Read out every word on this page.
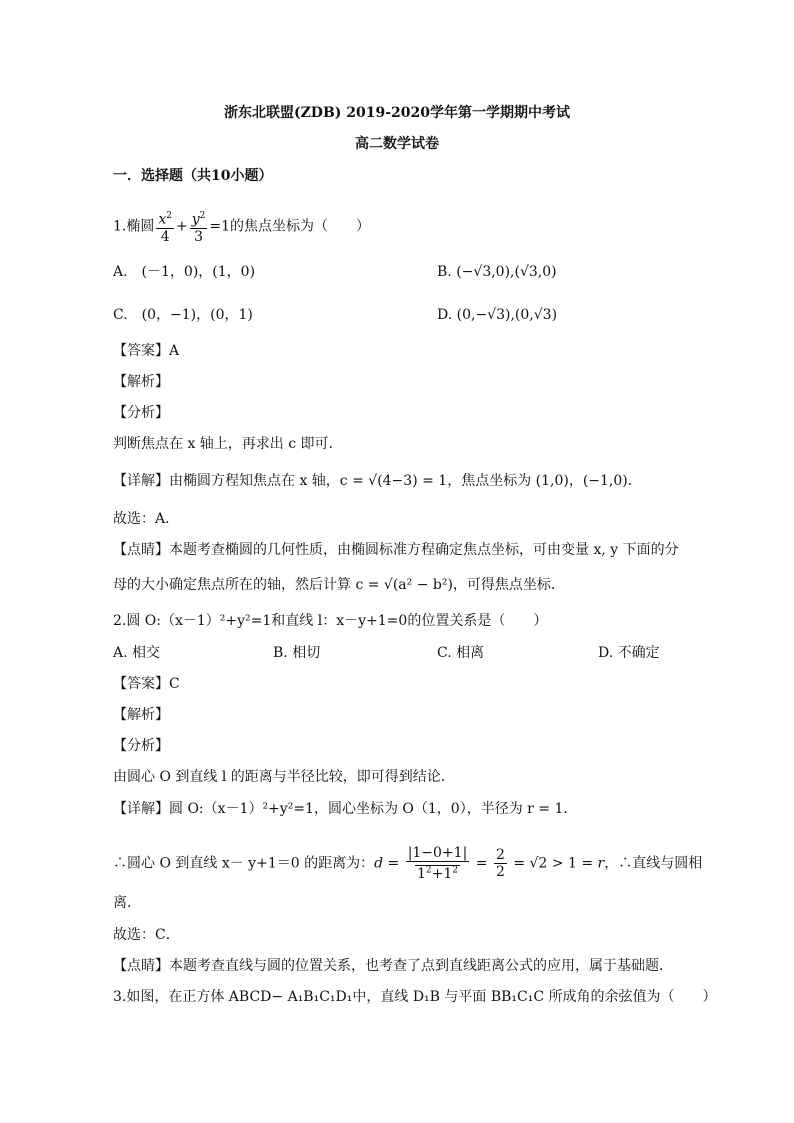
浙东北联盟(ZDB) 2019-2020学年第一学期期中考试
高二数学试卷
一．选择题（共10小题）
1.椭圆 $\frac{x^2}{4} + \frac{y^2}{3} =1$的焦点坐标为（　　）
A.　(－1，0)，(1，0)	B. (−√3,0),(√3,0)
C.　(0，−1)，(0，1)	D. (0,−√3),(0,√3)
【答案】A
【解析】
【分析】
判断焦点在 x 轴上，再求出 c 即可．
【详解】由椭圆方程知焦点在 x 轴，c = √(4−3) = 1，焦点坐标为 (1,0)，(−1,0)．
故选：A．
【点睛】本题考查椭圆的几何性质，由椭圆标准方程确定焦点坐标，可由变量 x, y 下面的分
母的大小确定焦点所在的轴，然后计算 c = √(a² − b²)，可得焦点坐标．
2.圆 O:（x－1）²+y²=1和直线 l：x－y+1=0的位置关系是（　　）
A. 相交	B. 相切	C. 相离	D. 不确定
【答案】C
【解析】
【分析】
由圆心 O 到直线 l 的距离与半径比较，即可得到结论．
【详解】圆 O:（x－1）²+y²=1，圆心坐标为 O（1，0），半径为 r = 1．
∴圆心 O 到直线 x－ y+1＝0 的距离为：$d = \frac{|1-0+1|}{1^2+1^2} = \frac{2}{2} = √2 > 1 = r$，∴直线与圆相
离．
故选：C．
【点睛】本题考查直线与圆的位置关系，也考查了点到直线距离公式的应用，属于基础题．
3.如图，在正方体 ABCD− A₁B₁C₁D₁中，直线 D₁B 与平面 BB₁C₁C 所成角的余弦值为（　　）
